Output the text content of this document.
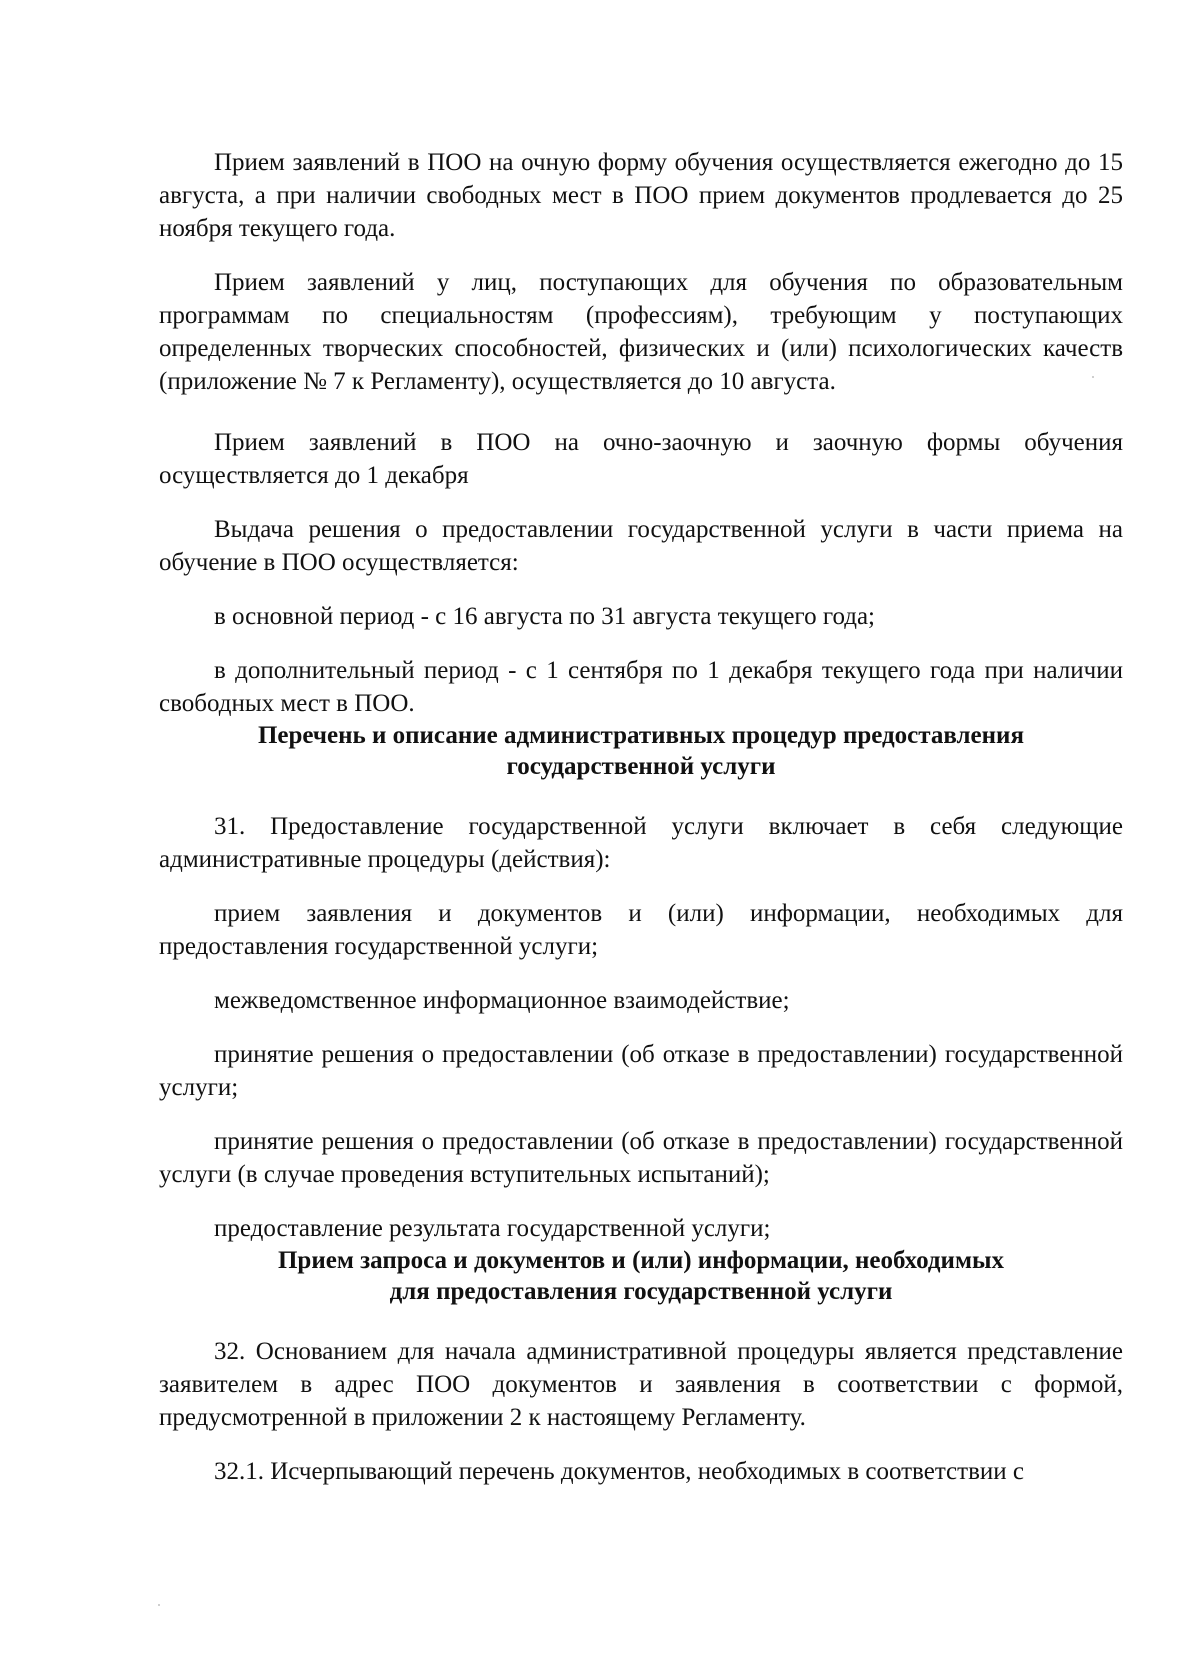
Прием заявлений в ПОО на очную форму обучения осуществляется ежегодно до 15 августа, а при наличии свободных мест в ПОО прием документов продлевается до 25 ноября текущего года.

Прием заявлений у лиц, поступающих для обучения по образовательным программам по специальностям (профессиям), требующим у поступающих определенных творческих способностей, физических и (или) психологических качеств (приложение № 7 к Регламенту), осуществляется до 10 августа.

Прием заявлений в ПОО на очно-заочную и заочную формы обучения осуществляется до 1 декабря

Выдача решения о предоставлении государственной услуги в части приема на обучение в ПОО осуществляется:

в основной период - с 16 августа по 31 августа текущего года;

в дополнительный период - с 1 сентября по 1 декабря текущего года при наличии свободных мест в ПОО.

Перечень и описание административных процедур предоставления
государственной услуги

31. Предоставление государственной услуги включает в себя следующие административные процедуры (действия):

прием заявления и документов и (или) информации, необходимых для предоставления государственной услуги;

межведомственное информационное взаимодействие;

принятие решения о предоставлении (об отказе в предоставлении) государственной услуги;

принятие решения о предоставлении (об отказе в предоставлении) государственной услуги (в случае проведения вступительных испытаний);

предоставление результата государственной услуги;

Прием запроса и документов и (или) информации, необходимых
для предоставления государственной услуги

32. Основанием для начала административной процедуры является представление заявителем в адрес ПОО документов и заявления в соответствии с формой, предусмотренной в приложении 2 к настоящему Регламенту.

32.1. Исчерпывающий перечень документов, необходимых в соответствии с
